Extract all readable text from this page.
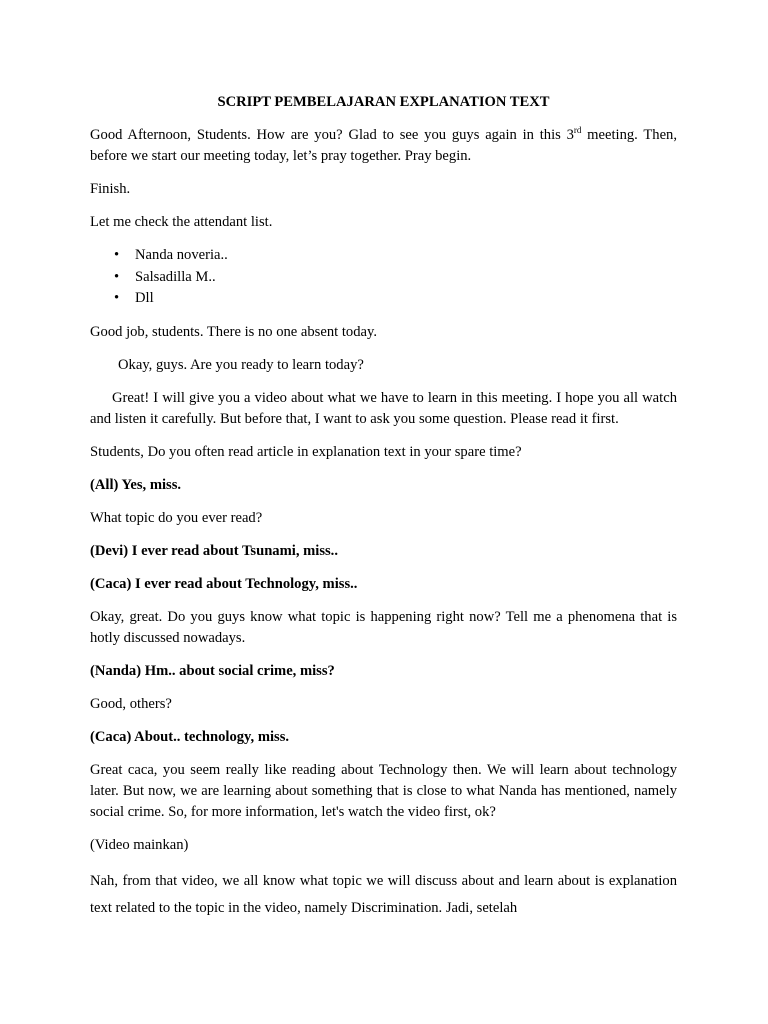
SCRIPT PEMBELAJARAN EXPLANATION TEXT

Good Afternoon, Students. How are you? Glad to see you guys again in this 3rd meeting. Then, before we start our meeting today, let’s pray together. Pray begin.

Finish.

Let me check the attendant list.

• Nanda noveria..
• Salsadilla M..
• Dll

Good job, students. There is no one absent today.

Okay, guys. Are you ready to learn today?

Great! I will give you a video about what we have to learn in this meeting. I hope you all watch and listen it carefully. But before that, I want to ask you some question. Please read it first.

Students, Do you often read article in explanation text in your spare time?

(All) Yes, miss.

What topic do you ever read?

(Devi) I ever read about Tsunami, miss..

(Caca) I ever read about Technology, miss..

Okay, great. Do you guys know what topic is happening right now? Tell me a phenomena that is hotly discussed nowadays.

(Nanda) Hm.. about social crime, miss?

Good, others?

(Caca) About.. technology, miss.

Great caca, you seem really like reading about Technology then. We will learn about technology later. But now, we are learning about something that is close to what Nanda has mentioned, namely social crime. So, for more information, let's watch the video first, ok?

(Video mainkan)

Nah, from that video, we all know what topic we will discuss about and learn about is explanation text related to the topic in the video, namely Discrimination. Jadi, setelah
